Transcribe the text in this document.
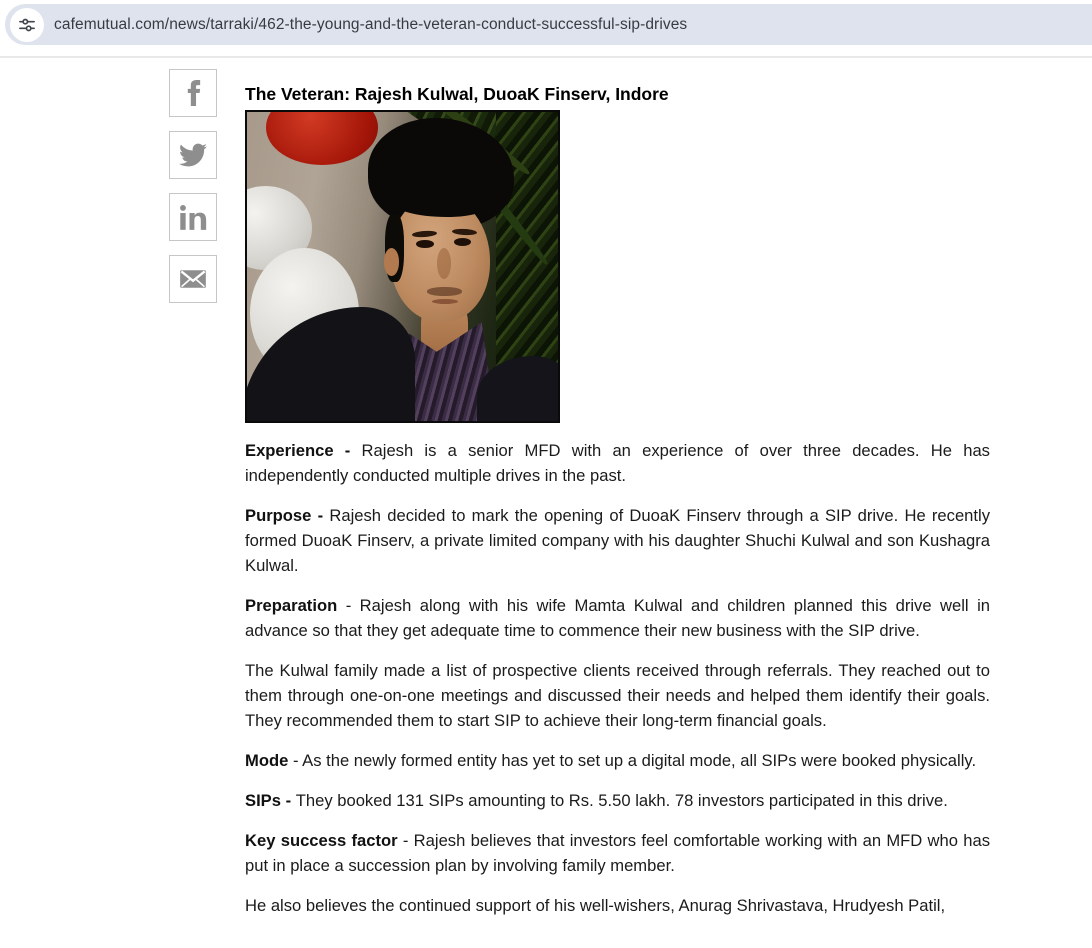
cafemutual.com/news/tarraki/462-the-young-and-the-veteran-conduct-successful-sip-drives
The Veteran: Rajesh Kulwal, DuoaK Finserv, Indore

Experience - Rajesh is a senior MFD with an experience of over three decades. He has independently conducted multiple drives in the past.

Purpose - Rajesh decided to mark the opening of DuoaK Finserv through a SIP drive. He recently formed DuoaK Finserv, a private limited company with his daughter Shuchi Kulwal and son Kushagra Kulwal.

Preparation - Rajesh along with his wife Mamta Kulwal and children planned this drive well in advance so that they get adequate time to commence their new business with the SIP drive.

The Kulwal family made a list of prospective clients received through referrals. They reached out to them through one-on-one meetings and discussed their needs and helped them identify their goals. They recommended them to start SIP to achieve their long-term financial goals.

Mode - As the newly formed entity has yet to set up a digital mode, all SIPs were booked physically.

SIPs - They booked 131 SIPs amounting to Rs. 5.50 lakh. 78 investors participated in this drive.

Key success factor - Rajesh believes that investors feel comfortable working with an MFD who has put in place a succession plan by involving family member.

He also believes the continued support of his well-wishers, Anurag Shrivastava, Hrudyesh Patil,
